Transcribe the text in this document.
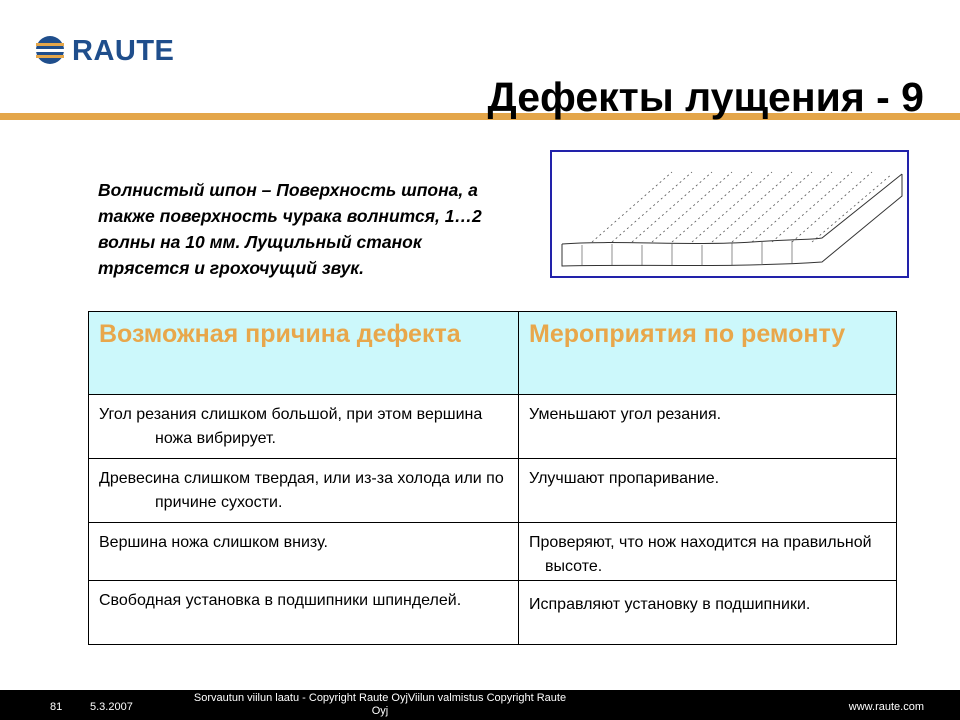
RAUTE
Дефекты лущения - 9

Волнистый шпон – Поверхность шпона, а также поверхность чурака волнится, 1…2 волны на 10 мм. Лущильный станок трясется и грохочущий звук.

Возможная причина дефекта	Мероприятия по ремонту

Угол резания слишком большой, при этом вершина ножа вибрирует.	Уменьшают угол резания.

Древесина слишком твердая, или из-за холода или по причине сухости.	Улучшают пропаривание.

Вершина ножа слишком внизу.	Проверяют, что нож находится на правильной высоте.

Свободная установка в подшипники шпинделей.	Исправляют установку в подшипники.
81	5.3.2007
Sorvautun viilun laatu - Copyright Raute OyjViilun valmistus Copyright Raute Oyj	www.raute.com
